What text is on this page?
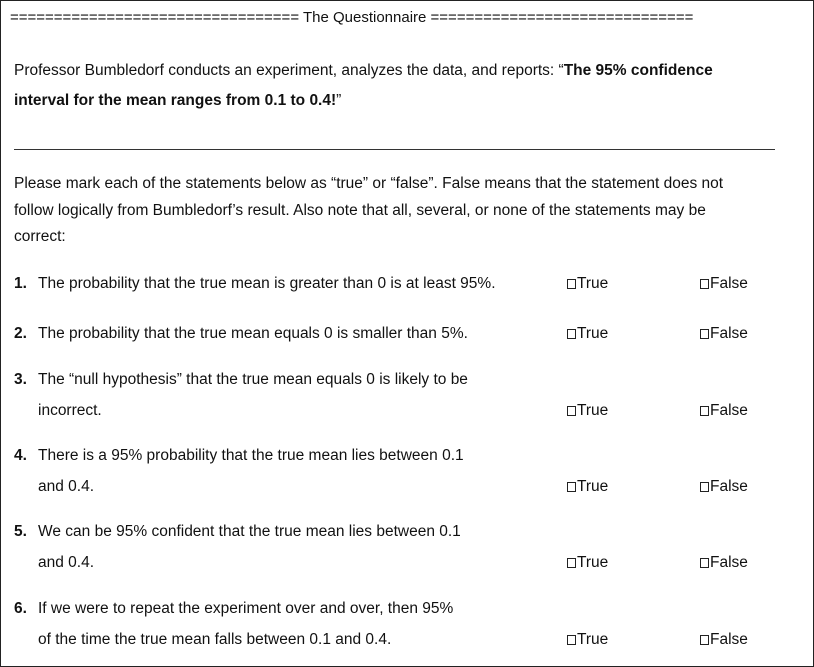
================================= The Questionnaire ==============================
Professor Bumbledorf conducts an experiment, analyzes the data, and reports: “The 95% confidence
interval for the mean ranges from 0.1 to 0.4!”
Please mark each of the statements below as “true” or “false”. False means that the statement does not
follow logically from Bumbledorf’s result. Also note that all, several, or none of the statements may be
correct:
1. The probability that the true mean is greater than 0 is at least 95%.	True	False
2. The probability that the true mean equals 0 is smaller than 5%.	True	False
3. The “null hypothesis” that the true mean equals 0 is likely to be
incorrect.	True	False
4. There is a 95% probability that the true mean lies between 0.1
and 0.4.	True	False
5. We can be 95% confident that the true mean lies between 0.1
and 0.4.	True	False
6. If we were to repeat the experiment over and over, then 95%
of the time the true mean falls between 0.1 and 0.4.	True	False
